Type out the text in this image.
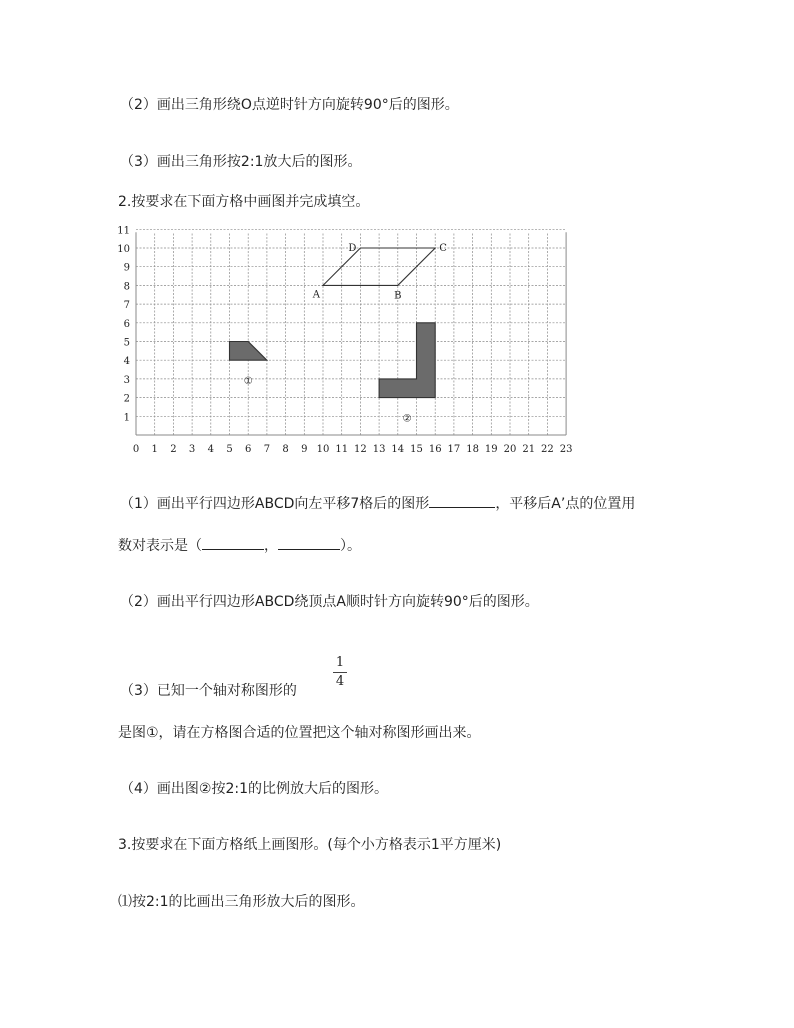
（2）画出三角形绕O点逆时针方向旋转90°后的图形。
（3）画出三角形按2:1放大后的图形。
2.按要求在下面方格中画图并完成填空。
0 1 2 3 4 5 6 7 8 9 10 11 12 13 14 15 16 17 18 19 20 21 22 23
1
2
3
4
5
6
7
8
9
10
11
A	B
C
D
①
②
（1）画出平行四边形ABCD向左平移7格后的图形	，平移后A’点的位置用
数对表示是（	，	）。
（2）画出平行四边形ABCD绕顶点A顺时针方向旋转90°后的图形。
1
4
（3）已知一个轴对称图形的
是图①，请在方格图合适的位置把这个轴对称图形画出来。
（4）画出图②按2:1的比例放大后的图形。
3.按要求在下面方格纸上画图形。(每个小方格表示1平方厘米)
⑴按2:1的比画出三角形放大后的图形。
